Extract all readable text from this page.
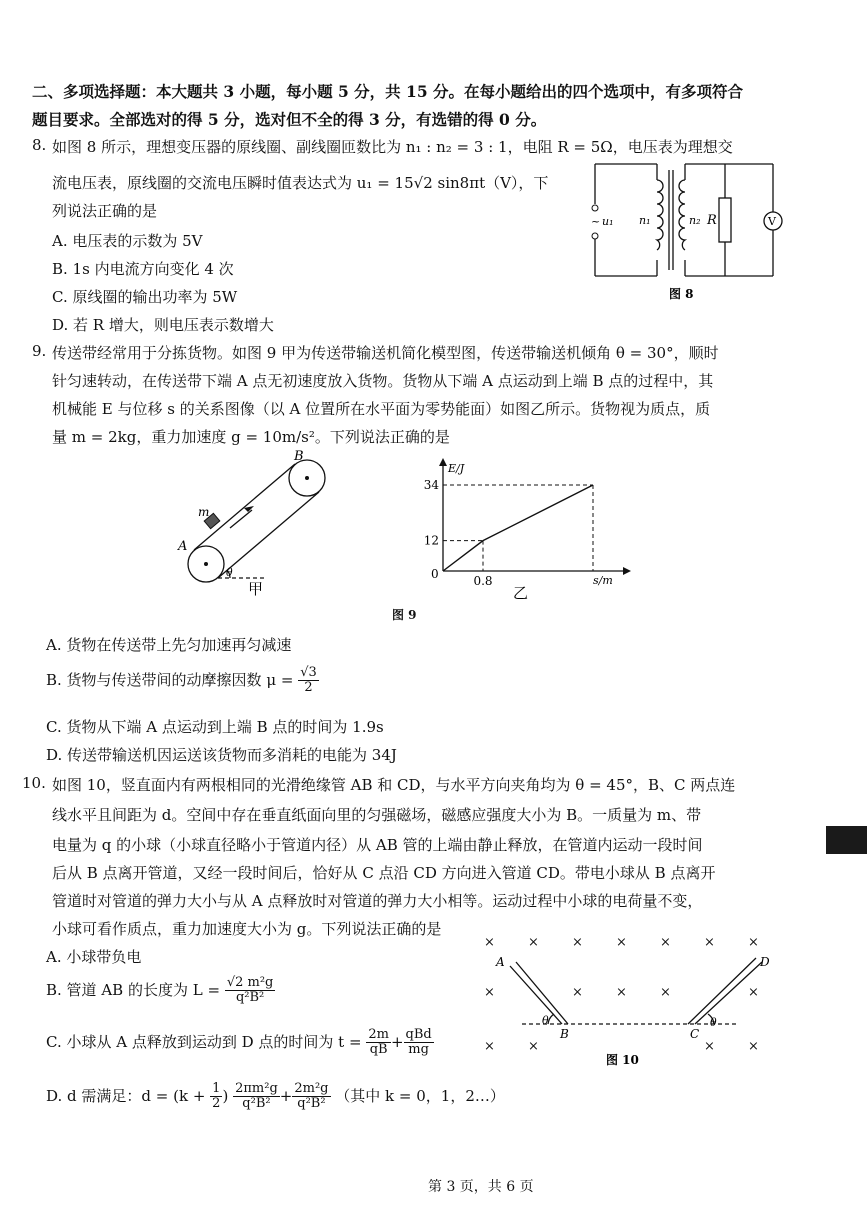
二、多项选择题：本大题共 3 小题，每小题 5 分，共 15 分。在每小题给出的四个选项中，有多项符合
题目要求。全部选对的得 5 分，选对但不全的得 3 分，有选错的得 0 分。
8. 如图 8 所示，理想变压器的原线圈、副线圈匝数比为 n₁ : n₂ = 3 : 1，电阻 R = 5Ω，电压表为理想交
流电压表，原线圈的交流电压瞬时值表达式为 u₁ = 15√2 sin8πt（V），下
列说法正确的是
A. 电压表的示数为 5V
B. 1s 内电流方向变化 4 次
C. 原线圈的输出功率为 5W
D. 若 R 增大，则电压表示数增大
~ u₁ n₁	n₂ R	V
图 8
9. 传送带经常用于分拣货物。如图 9 甲为传送带输送机简化模型图，传送带输送机倾角 θ = 30°，顺时
针匀速转动，在传送带下端 A 点无初速度放入货物。货物从下端 A 点运动到上端 B 点的过程中，其
机械能 E 与位移 s 的关系图像（以 A 位置所在水平面为零势能面）如图乙所示。货物视为质点，质
量 m = 2kg，重力加速度 g = 10m/s²。下列说法正确的是
A
B
m
θ
甲
E/J
s/m
0
12
34
0.8
乙
图 9
A. 货物在传送带上先匀加速再匀减速
B. 货物与传送带间的动摩擦因数 $\mu = \frac{√3}{2}$
C. 货物从下端 A 点运动到上端 B 点的时间为 1.9s
D. 传送带输送机因运送该货物而多消耗的电能为 34J
10. 如图 10，竖直面内有两根相同的光滑绝缘管 AB 和 CD，与水平方向夹角均为 θ = 45°，B、C 两点连
线水平且间距为 d。空间中存在垂直纸面向里的匀强磁场，磁感应强度大小为 B。一质量为 m、带
电量为 q 的小球（小球直径略小于管道内径）从 AB 管的上端由静止释放，在管道内运动一段时间
后从 B 点离开管道，又经一段时间后，恰好从 C 点沿 CD 方向进入管道 CD。带电小球从 B 点离开
管道时对管道的弹力大小与从 A 点释放时对管道的弹力大小相等。运动过程中小球的电荷量不变，
小球可看作质点，重力加速度大小为 g。下列说法正确的是
A. 小球带负电
B. 管道 AB 的长度为 $L = \frac{\text{√2 m²g}}{\text{q²B²}}$
C. 小球从 A 点释放到运动到 D 点的时间为 $t = \frac{2m}{qB} + \frac{\text{qBd}}{mg}$
D. d 需满足：$d = (k + \frac{1}{2}$ ) $\frac{\text{2πm²g}}{\text{q²B²}} + \frac{\text{2m²g}}{\text{q²B²}}$ （其中 k = 0，1，2…）
×	×	×	×	×	×	×
×	×	×	×	×
×	×	×	×
A	D
B	C
θ	θ
图 10
第 3 页，共 6 页
